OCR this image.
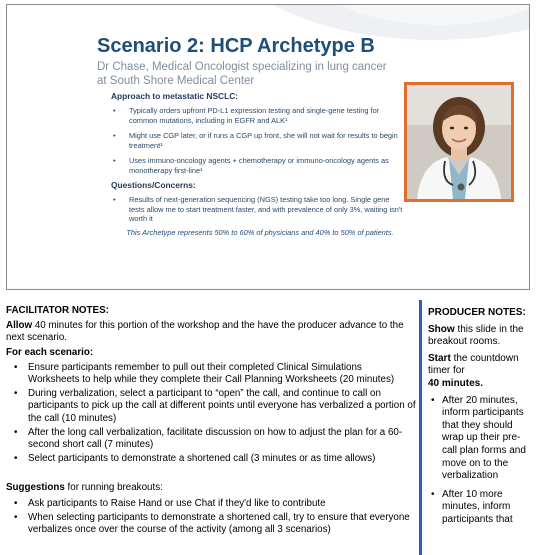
Scenario 2: HCP Archetype B
Dr Chase, Medical Oncologist specializing in lung cancer at South Shore Medical Center
Approach to metastatic NSCLC:
• Typically orders upfront PD-L1 expression testing and single-gene testing for common mutations, including in EGFR and ALK¹
• Might use CGP later, or if runs a CGP up front, she will not wait for results to begin treatment¹
• Uses immuno-oncology agents + chemotherapy or immuno-oncology agents as monotherapy first-line¹
Questions/Concerns:
• Results of next-generation sequencing (NGS) testing take too long. Single gene tests allow me to start treatment faster, and with prevalence of only 3%, waiting isn't worth it
This Archetype represents 50% to 60% of physicians and 40% to 50% of patients.
FACILITATOR NOTES:

Allow 40 minutes for this portion of the workshop and the have the producer advance to the next scenario.

For each scenario:
• Ensure participants remember to pull out their completed Clinical Simulations Worksheets to help while they complete their Call Planning Worksheets (20 minutes)
• During verbalization, select a participant to “open” the call, and continue to call on participants to pick up the call at different points until everyone has verbalized a portion of the call (10 minutes)
• After the long call verbalization, facilitate discussion on how to adjust the plan for a 60-second short call (7 minutes)
• Select participants to demonstrate a shortened call (3 minutes or as time allows)

Suggestions for running breakouts:

• Ask participants to Raise Hand or use Chat if they'd like to contribute
• When selecting participants to demonstrate a shortened call, try to ensure that everyone verbalizes once over the course of the activity (among all 3 scenarios)
PRODUCER NOTES:

Show this slide in the breakout rooms.

Start the countdown timer for
40 minutes.

• After 20 minutes, inform participants that they should wrap up their pre-call plan forms and move on to the verbalization
• After 10 more minutes, inform participants that
